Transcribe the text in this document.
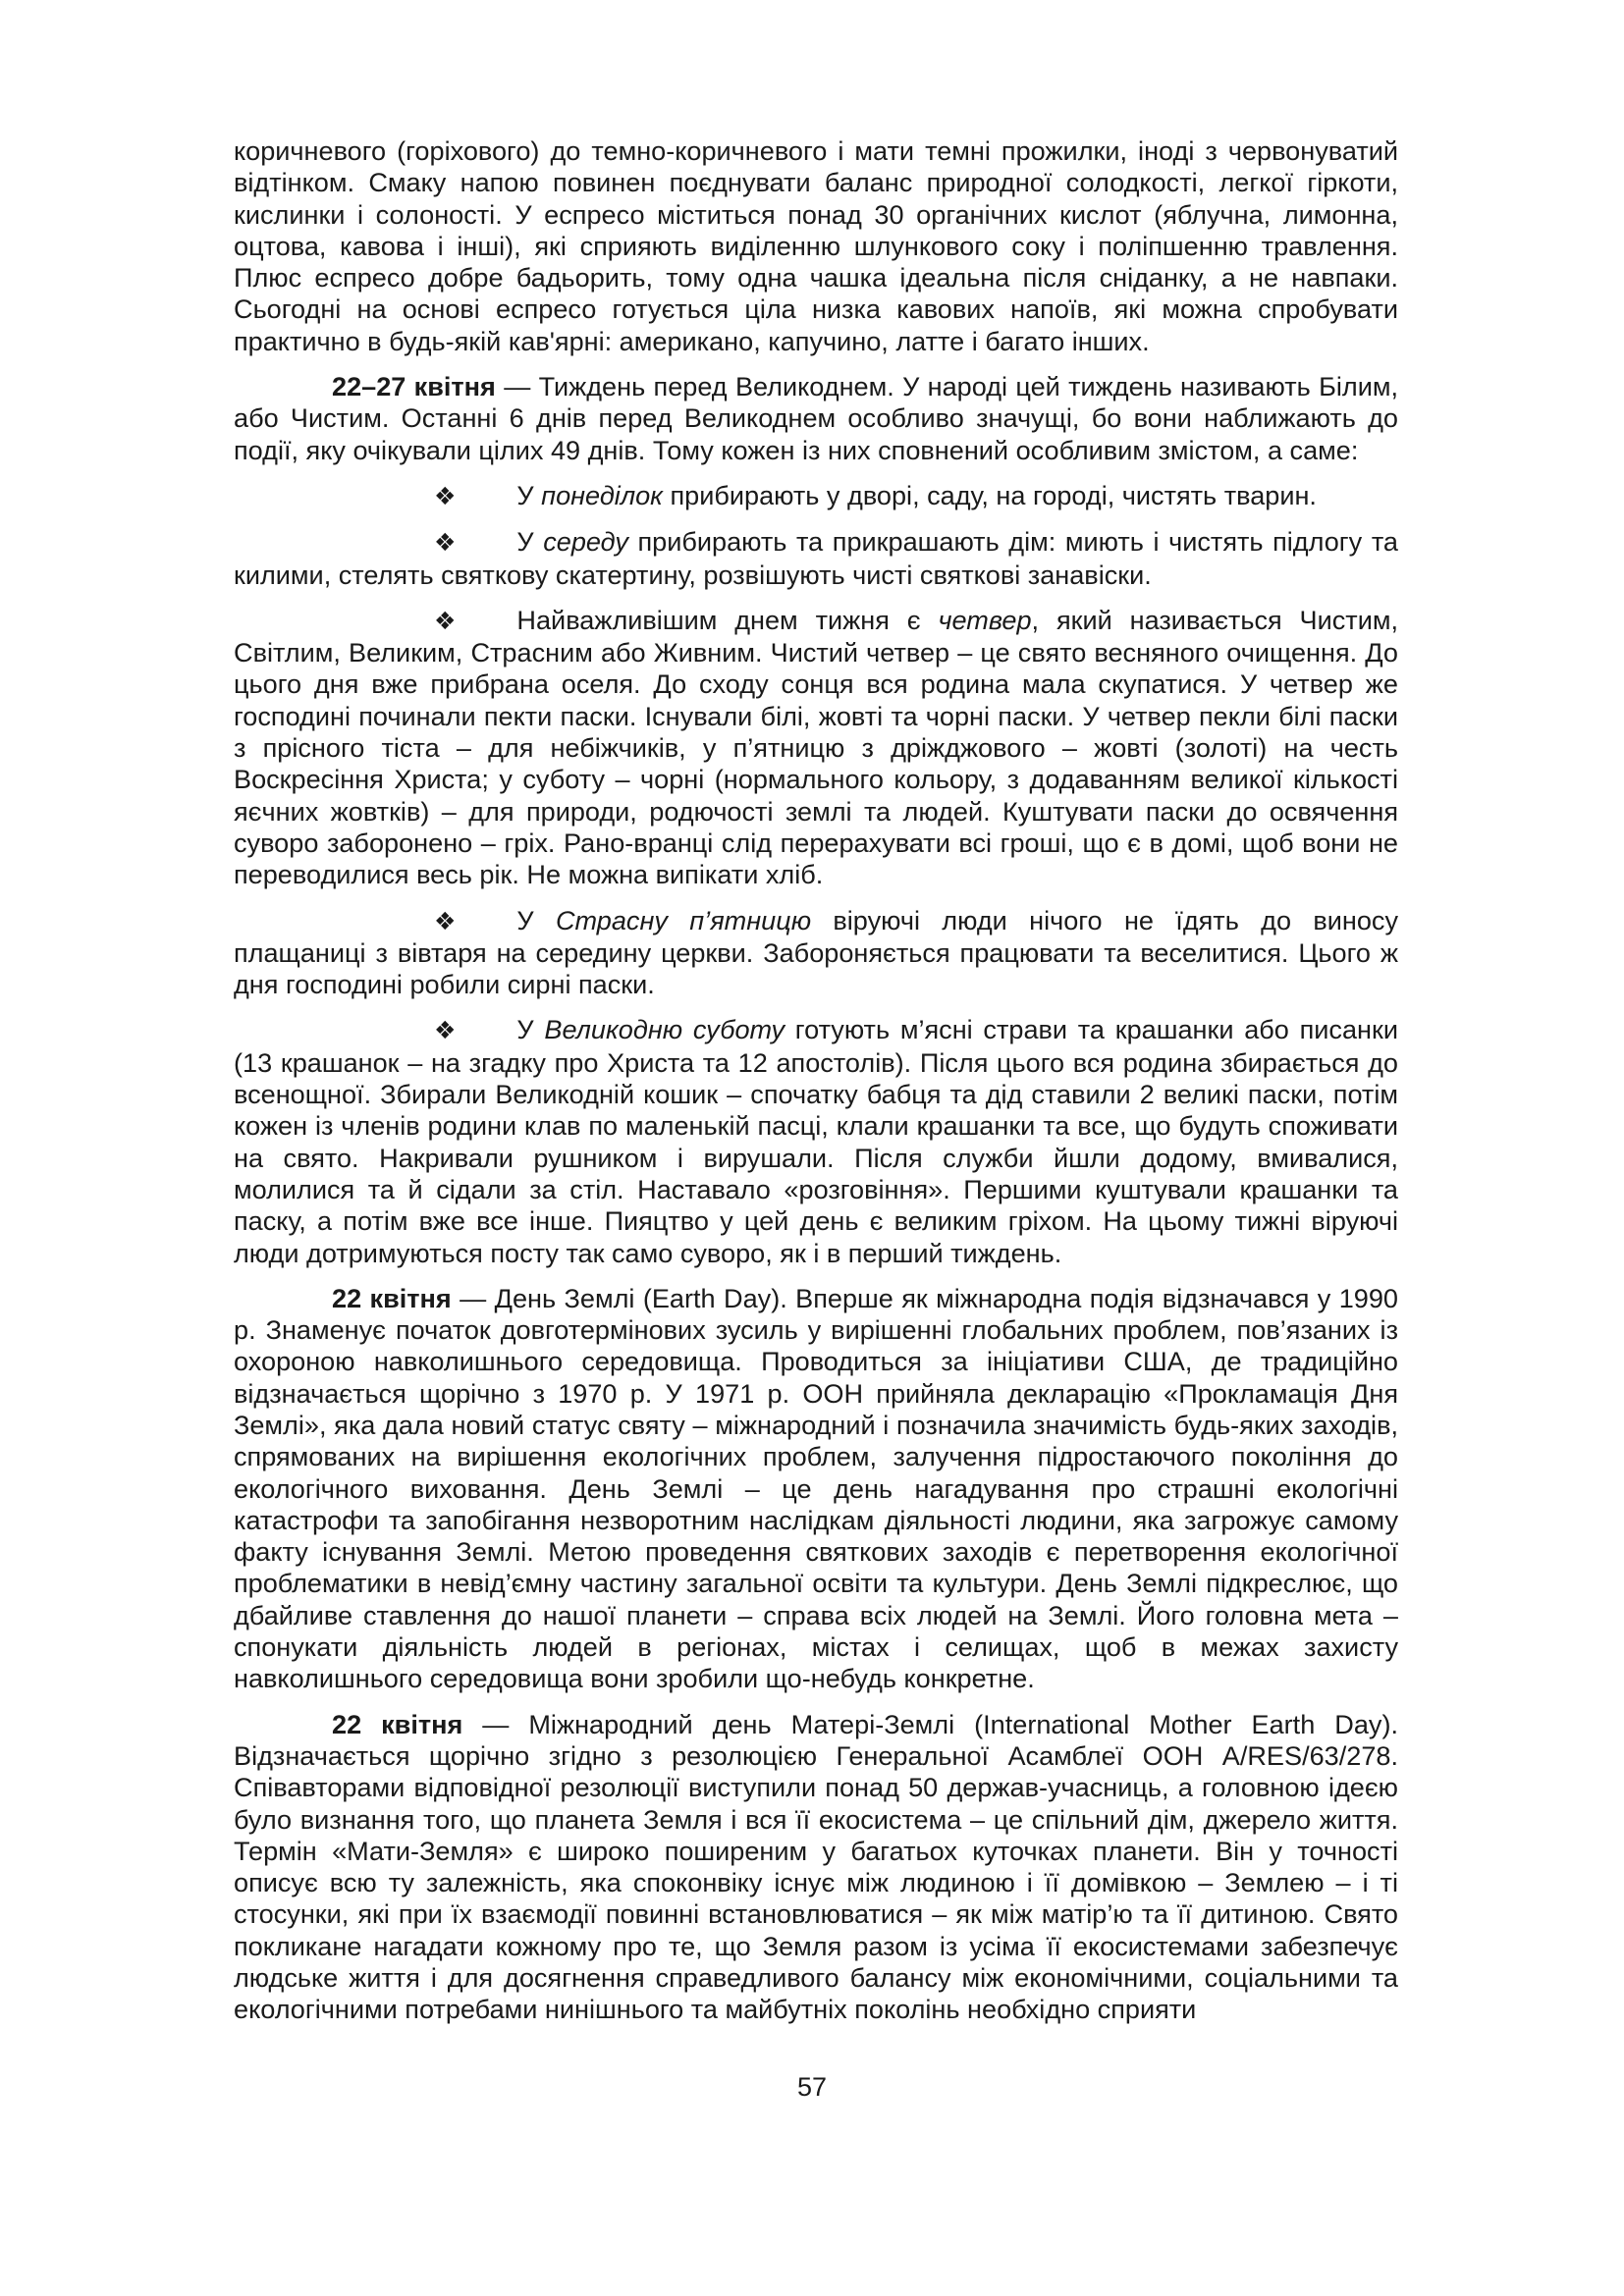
коричневого (горіхового) до темно-коричневого і мати темні прожилки, іноді з червонуватий відтінком. Смаку напою повинен поєднувати баланс природної солодкості, легкої гіркоти, кислинки і солоності. У еспресо міститься понад 30 органічних кислот (яблучна, лимонна, оцтова, кавова і інші), які сприяють виділенню шлункового соку і поліпшенню травлення. Плюс еспресо добре бадьорить, тому одна чашка ідеальна після сніданку, а не навпаки. Сьогодні на основі еспресо готується ціла низка кавових напоїв, які можна спробувати практично в будь-якій кав'ярні: американо, капучино, латте і багато інших.

22–27 квітня — Тиждень перед Великоднем. У народі цей тиждень називають Білим, або Чистим. Останні 6 днів перед Великоднем особливо значущі, бо вони наближають до події, яку очікували цілих 49 днів. Тому кожен із них сповнений особливим змістом, а саме:

❖ У понеділок прибирають у дворі, саду, на городі, чистять тварин.

❖ У середу прибирають та прикрашають дім: миють і чистять підлогу та килими, стелять святкову скатертину, розвішують чисті святкові занавіски.

❖ Найважливішим днем тижня є четвер, який називається Чистим, Світлим, Великим, Страсним або Живним. Чистий четвер – це свято весняного очищення. До цього дня вже прибрана оселя. До сходу сонця вся родина мала скупатися. У четвер же господині починали пекти паски. Існували білі, жовті та чорні паски. У четвер пекли білі паски з прісного тіста – для небіжчиків, у п’ятницю з дріжджового – жовті (золоті) на честь Воскресіння Христа; у суботу – чорні (нормального кольору, з додаванням великої кількості яєчних жовтків) – для природи, родючості землі та людей. Куштувати паски до освячення суворо заборонено – гріх. Рано-вранці слід перерахувати всі гроші, що є в домі, щоб вони не переводилися весь рік. Не можна випікати хліб.

❖ У Страсну п’ятницю віруючі люди нічого не їдять до виносу плащаниці з вівтаря на середину церкви. Забороняється працювати та веселитися. Цього ж дня господині робили сирні паски.

❖ У Великодню суботу готують м’ясні страви та крашанки або писанки (13 крашанок – на згадку про Христа та 12 апостолів). Після цього вся родина збирається до всенощної. Збирали Великодній кошик – спочатку бабця та дід ставили 2 великі паски, потім кожен із членів родини клав по маленькій пасці, клали крашанки та все, що будуть споживати на свято. Накривали рушником і вирушали. Після служби йшли додому, вмивалися, молилися та й сідали за стіл. Наставало «розговіння». Першими куштували крашанки та паску, а потім вже все інше. Пияцтво у цей день є великим гріхом. На цьому тижні віруючі люди дотримуються посту так само суворо, як і в перший тиждень.

22 квітня — День Землі (Earth Day). Вперше як міжнародна подія відзначався у 1990 р. Знаменує початок довготермінових зусиль у вирішенні глобальних проблем, пов’язаних із охороною навколишнього середовища. Проводиться за ініціативи США, де традиційно відзначається щорічно з 1970 р. У 1971 р. ООН прийняла декларацію «Прокламація Дня Землі», яка дала новий статус святу – міжнародний і позначила значимість будь-яких заходів, спрямованих на вирішення екологічних проблем, залучення підростаючого покоління до екологічного виховання. День Землі – це день нагадування про страшні екологічні катастрофи та запобігання незворотним наслідкам діяльності людини, яка загрожує самому факту існування Землі. Метою проведення святкових заходів є перетворення екологічної проблематики в невід’ємну частину загальної освіти та культури. День Землі підкреслює, що дбайливе ставлення до нашої планети – справа всіх людей на Землі. Його головна мета – спонукати діяльність людей в регіонах, містах і селищах, щоб в межах захисту навколишнього середовища вони зробили що-небудь конкретне.

22 квітня — Міжнародний день Матері-Землі (International Mother Earth Day). Відзначається щорічно згідно з резолюцією Генеральної Асамблеї ООН A/RES/63/278. Співавторами відповідної резолюції виступили понад 50 держав-учасниць, а головною ідеєю було визнання того, що планета Земля і вся її екосистема – це спільний дім, джерело життя. Термін «Мати-Земля» є широко поширеним у багатьох куточках планети. Він у точності описує всю ту залежність, яка споконвіку існує між людиною і її домівкою – Землею – і ті стосунки, які при їх взаємодії повинні встановлюватися – як між матір’ю та її дитиною. Свято покликане нагадати кожному про те, що Земля разом із усіма її екосистемами забезпечує людське життя і для досягнення справедливого балансу між економічними, соціальними та екологічними потребами нинішнього та майбутніх поколінь необхідно сприяти

57
